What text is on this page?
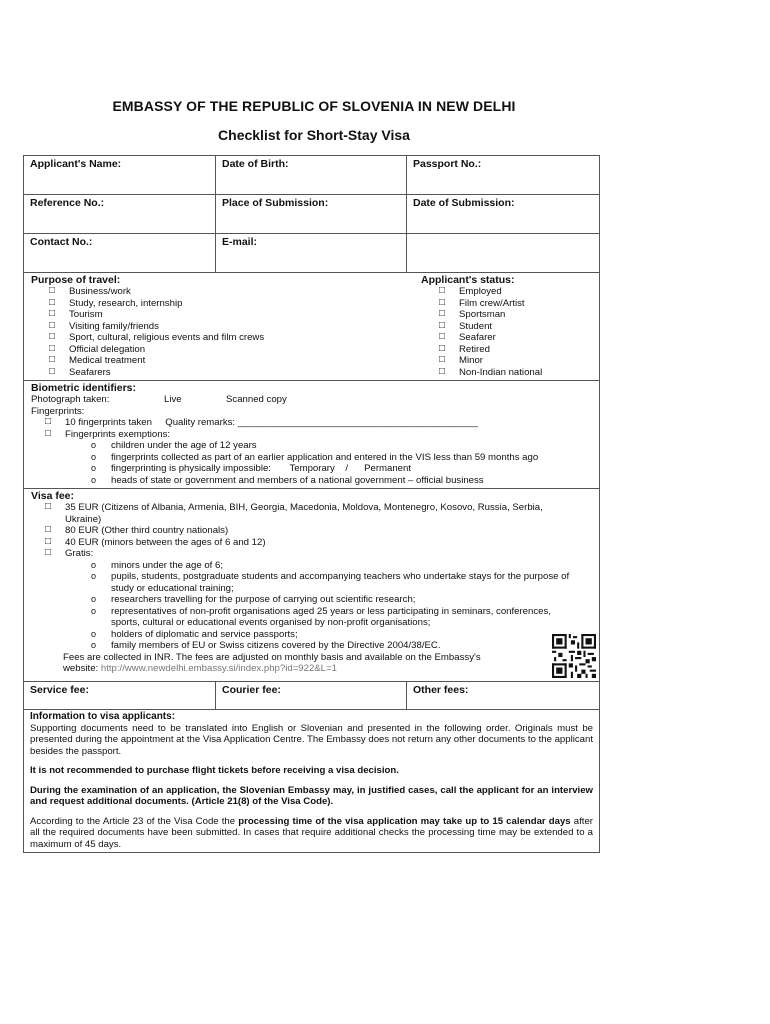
EMBASSY OF THE REPUBLIC OF SLOVENIA IN NEW DELHI
Checklist for Short-Stay Visa
Applicant's Name:	Date of Birth:	Passport No.:
Reference No.:	Place of Submission:	Date of Submission:
Contact No.:	E-mail:
Purpose of travel:
□ Business/work
□ Study, research, internship
□ Tourism
□ Visiting family/friends
□ Sport, cultural, religious events and film crews
□ Official delegation
□ Medical treatment
□ Seafarers
Applicant's status:
□ Employed
□ Film crew/Artist
□ Sportsman
□ Student
□ Seafarer
□ Retired
□ Minor
□ Non-Indian national
Biometric identifiers:
Photograph taken:	Live	Scanned copy
Fingerprints:
□ 10 fingerprints taken     Quality remarks: _____________________________________________
□ Fingerprints exemptions:
o children under the age of 12 years
o fingerprints collected as part of an earlier application and entered in the VIS less than 59 months ago
o fingerprinting is physically impossible:       Temporary    /      Permanent
o heads of state or government and members of a national government – official business
Visa fee:
□ 35 EUR (Citizens of Albania, Armenia, BIH, Georgia, Macedonia, Moldova, Montenegro, Kosovo, Russia, Serbia, Ukraine)
□ 80 EUR (Other third country nationals)
□ 40 EUR (minors between the ages of 6 and 12)
□ Gratis:
o minors under the age of 6;
o pupils, students, postgraduate students and accompanying teachers who undertake stays for the purpose of study or educational training;
o researchers travelling for the purpose of carrying out scientific research;
o representatives of non-profit organisations aged 25 years or less participating in seminars, conferences, sports, cultural or educational events organised by non-profit organisations;
o holders of diplomatic and service passports;
o family members of EU or Swiss citizens covered by the Directive 2004/38/EC.
Fees are collected in INR. The fees are adjusted on monthly basis and available on the Embassy's
website: http://www.newdelhi.embassy.si/index.php?id=922&L=1
Service fee:	Courier fee:	Other fees:
Information to visa applicants:

Supporting documents need to be translated into English or Slovenian and presented in the following order. Originals must be presented during the appointment at the Visa Application Centre. The Embassy does not return any other documents to the applicant besides the passport.

It is not recommended to purchase flight tickets before receiving a visa decision.

During the examination of an application, the Slovenian Embassy may, in justified cases, call the applicant for an interview and request additional documents. (Article 21(8) of the Visa Code).

According to the Article 23 of the Visa Code the processing time of the visa application may take up to 15 calendar days after all the required documents have been submitted. In cases that require additional checks the processing time may be extended to a maximum of 45 days.
